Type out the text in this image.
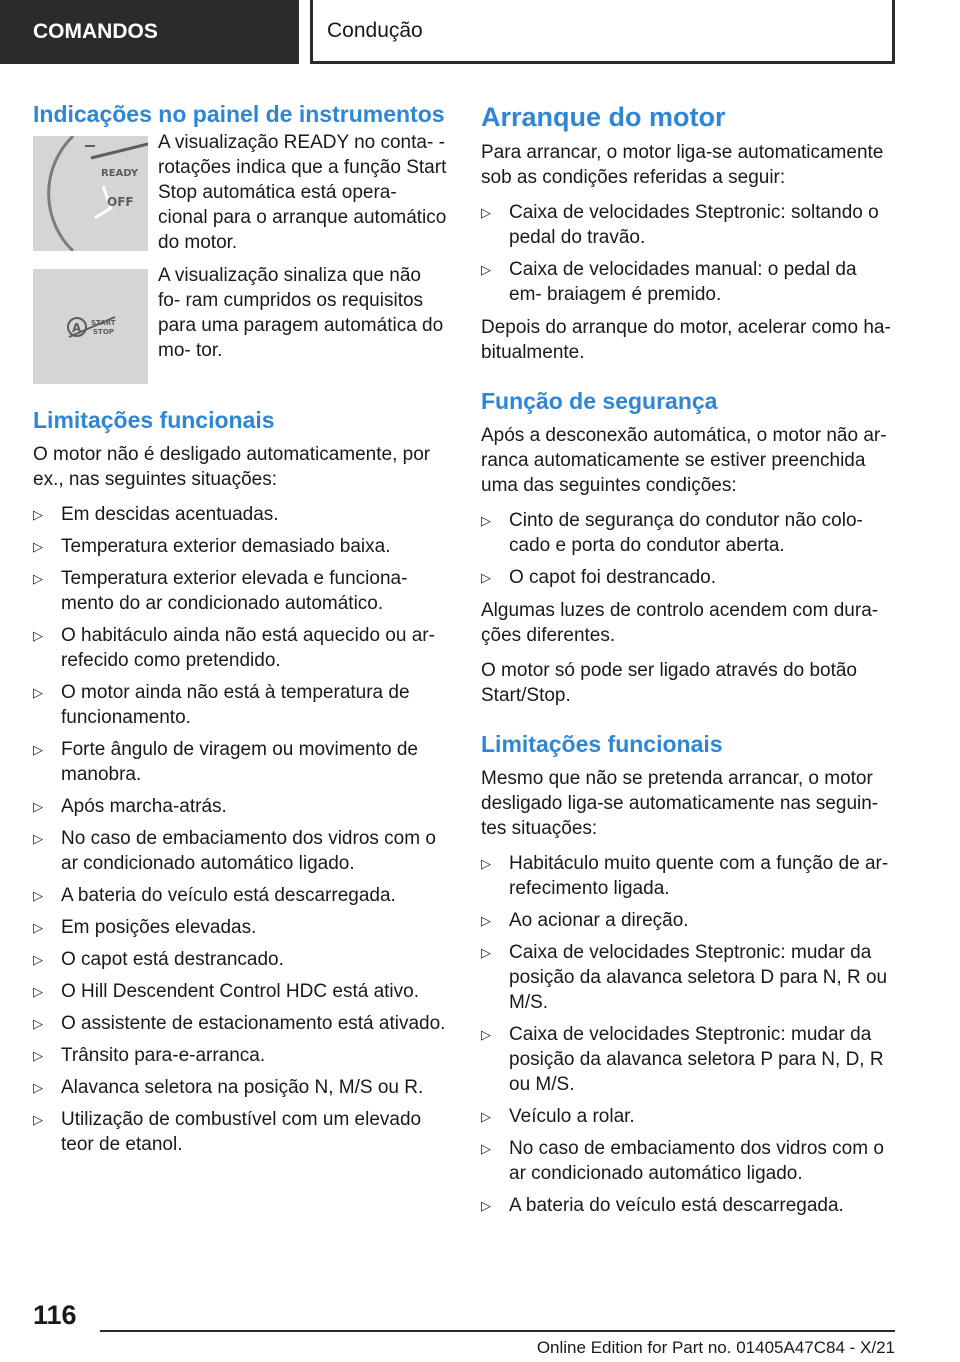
COMANDOS	Condução
Indicações no painel de instrumentos
READY
OFF
A visualização READY no conta- -rotações indica que a função Start Stop automática está opera- cional para o arranque automático do motor.
A START
STOP
A visualização sinaliza que não fo- ram cumpridos os requisitos para uma paragem automática do mo- tor.
Limitações funcionais

O motor não é desligado automaticamente, por ex., nas seguintes situações:

▷ Em descidas acentuadas.
▷ Temperatura exterior demasiado baixa.
▷ Temperatura exterior elevada e funciona- mento do ar condicionado automático.
▷ O habitáculo ainda não está aquecido ou ar- refecido como pretendido.
▷ O motor ainda não está à temperatura de funcionamento.
▷ Forte ângulo de viragem ou movimento de manobra.
▷ Após marcha-atrás.
▷ No caso de embaciamento dos vidros com o ar condicionado automático ligado.
▷ A bateria do veículo está descarregada.
▷ Em posições elevadas.
▷ O capot está destrancado.
▷ O Hill Descendent Control HDC está ativo.
▷ O assistente de estacionamento está ativado.
▷ Trânsito para-e-arranca.
▷ Alavanca seletora na posição N, M/S ou R.
▷ Utilização de combustível com um elevado teor de etanol.
Arranque do motor

Para arrancar, o motor liga-se automaticamente sob as condições referidas a seguir:

▷ Caixa de velocidades Steptronic: soltando o pedal do travão.
▷ Caixa de velocidades manual: o pedal da em- braiagem é premido.

Depois do arranque do motor, acelerar como ha- bitualmente.

Função de segurança

Após a desconexão automática, o motor não ar- ranca automaticamente se estiver preenchida uma das seguintes condições:

▷ Cinto de segurança do condutor não colo- cado e porta do condutor aberta.
▷ O capot foi destrancado.

Algumas luzes de controlo acendem com dura- ções diferentes.

O motor só pode ser ligado através do botão Start/Stop.

Limitações funcionais

Mesmo que não se pretenda arrancar, o motor desligado liga-se automaticamente nas seguin- tes situações:

▷ Habitáculo muito quente com a função de ar- refecimento ligada.
▷ Ao acionar a direção.
▷ Caixa de velocidades Steptronic: mudar da posição da alavanca seletora D para N, R ou M/S.
▷ Caixa de velocidades Steptronic: mudar da posição da alavanca seletora P para N, D, R ou M/S.
▷ Veículo a rolar.
▷ No caso de embaciamento dos vidros com o ar condicionado automático ligado.
▷ A bateria do veículo está descarregada.
116
Online Edition for Part no. 01405A47C84 - X/21
